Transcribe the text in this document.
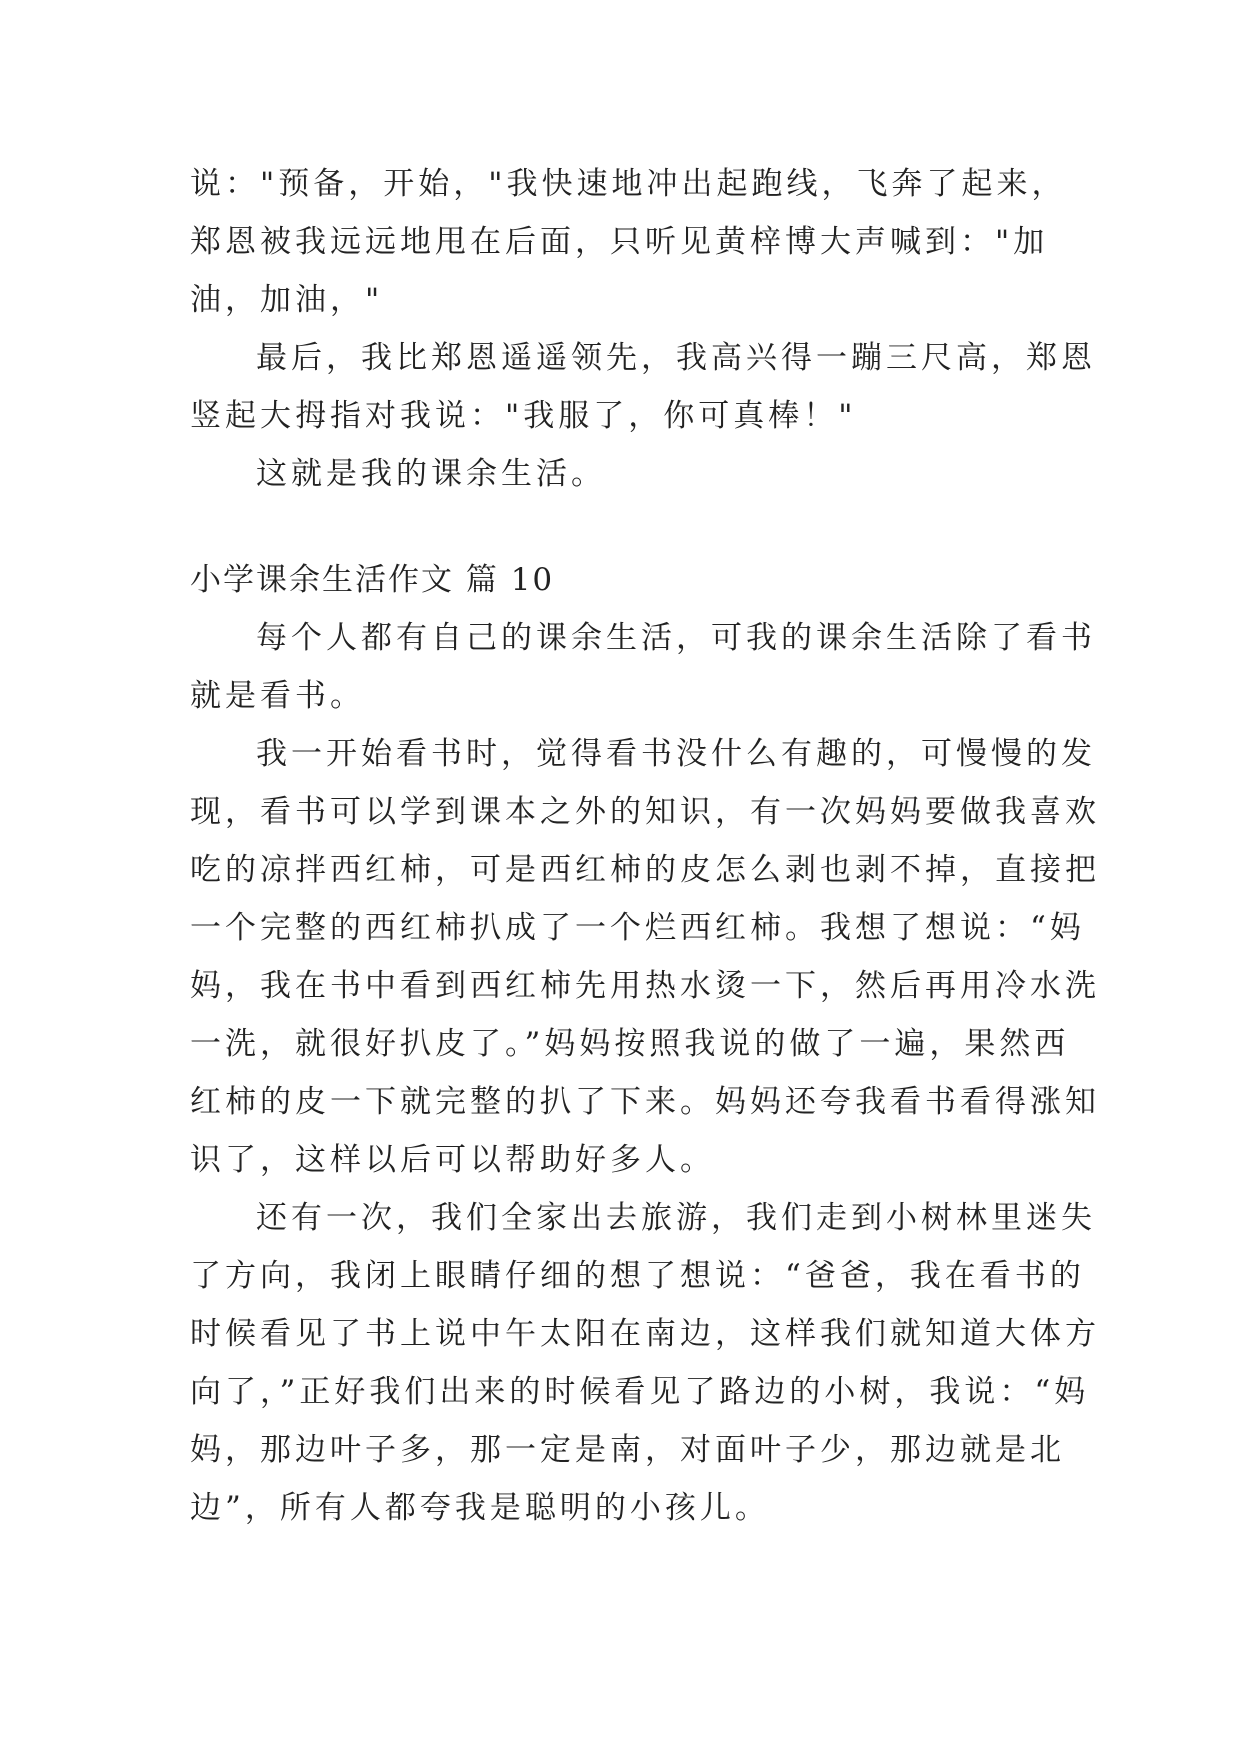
说："预备，开始，"我快速地冲出起跑线，飞奔了起来，
郑恩被我远远地甩在后面，只听见黄梓博大声喊到："加
油，加油，"
最后，我比郑恩遥遥领先，我高兴得一蹦三尺高，郑恩
竖起大拇指对我说："我服了，你可真棒！"
这就是我的课余生活。
小学课余生活作文 篇 10
每个人都有自己的课余生活，可我的课余生活除了看书
就是看书。
我一开始看书时，觉得看书没什么有趣的，可慢慢的发
现，看书可以学到课本之外的知识，有一次妈妈要做我喜欢
吃的凉拌西红柿，可是西红柿的皮怎么剥也剥不掉，直接把
一个完整的西红柿扒成了一个烂西红柿。我想了想说：“妈
妈，我在书中看到西红柿先用热水烫一下，然后再用冷水洗
一洗，就很好扒皮了。”妈妈按照我说的做了一遍，果然西
红柿的皮一下就完整的扒了下来。妈妈还夸我看书看得涨知
识了，这样以后可以帮助好多人。
还有一次，我们全家出去旅游，我们走到小树林里迷失
了方向，我闭上眼睛仔细的想了想说：“爸爸，我在看书的
时候看见了书上说中午太阳在南边，这样我们就知道大体方
向了，”正好我们出来的时候看见了路边的小树，我说：“妈
妈，那边叶子多，那一定是南，对面叶子少，那边就是北
边”，所有人都夸我是聪明的小孩儿。
